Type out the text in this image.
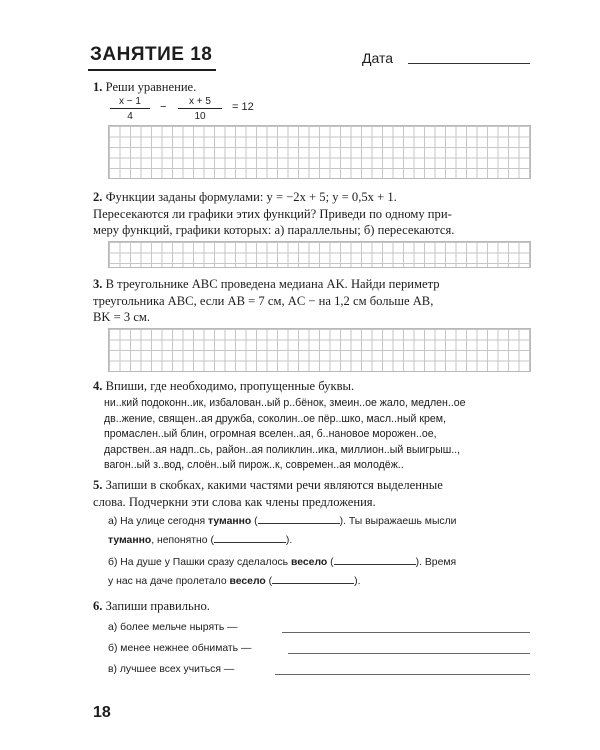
ЗАНЯТИЕ 18	Дата
1. Реши уравнение.
$\frac{x - 1}{4} - \frac{x + 5}{10} = 12$
2. Функции заданы формулами: y = −2x + 5; y = 0,5x + 1.
Пересекаются ли графики этих функций? Приведи по одному при-
меру функций, графики которых: а) параллельны; б) пересекаются.
3. В треугольнике ABC проведена медиана AK. Найди периметр
треугольника ABC, если AB = 7 см, AC − на 1,2 см больше AB,
BK = 3 см.
4. Впиши, где необходимо, пропущенные буквы.
ни..кий подоконн..ик, избалован..ый р..бёнок, змеин..ое жало, медлен..ое
дв..жение, священ..ая дружба, соколин..ое пёр..шко, масл..ный крем,
промаслен..ый блин, огромная вселен..ая, б..нановое морожен..ое,
дарствен..ая надп..сь, район..ая поликлин..ика, миллион..ый выигрыш..,
вагон..ый з..вод, слоён..ый пирож..к, совремeн..ая молодёж..
5. Запиши в скобках, какими частями речи являются выделенные
слова. Подчеркни эти слова как члены предложения.
а) На улице сегодня туманно (	). Ты выражаешь мысли
туманно, непонятно (	).
б) На душе у Пашки сразу сделалось весело (	). Время
у нас на даче пролетало весело (	).
6. Запиши правильно.
а) более мельче нырять —
б) менее нежнее обнимать —
в) лучшее всех учиться —
18
